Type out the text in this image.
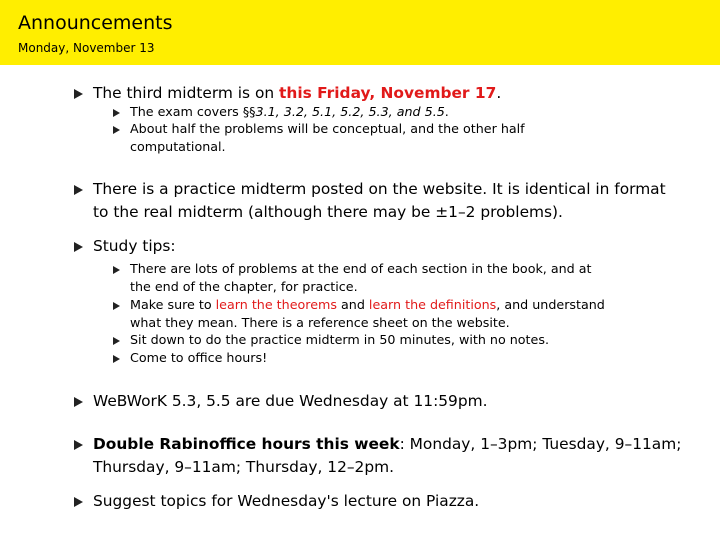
Announcements
Monday, November 13
The third midterm is on this Friday, November 17.
The exam covers §§3.1, 3.2, 5.1, 5.2, 5.3, and 5.5.
About half the problems will be conceptual, and the other half
computational.
There is a practice midterm posted on the website. It is identical in format
to the real midterm (although there may be ±1–2 problems).
Study tips:
There are lots of problems at the end of each section in the book, and at
the end of the chapter, for practice.
Make sure to learn the theorems and learn the definitions, and understand
what they mean. There is a reference sheet on the website.
Sit down to do the practice midterm in 50 minutes, with no notes.
Come to office hours!
WeBWorK 5.3, 5.5 are due Wednesday at 11:59pm.
Double Rabinoffice hours this week: Monday, 1–3pm; Tuesday, 9–11am;
Thursday, 9–11am; Thursday, 12–2pm.
Suggest topics for Wednesday's lecture on Piazza.
